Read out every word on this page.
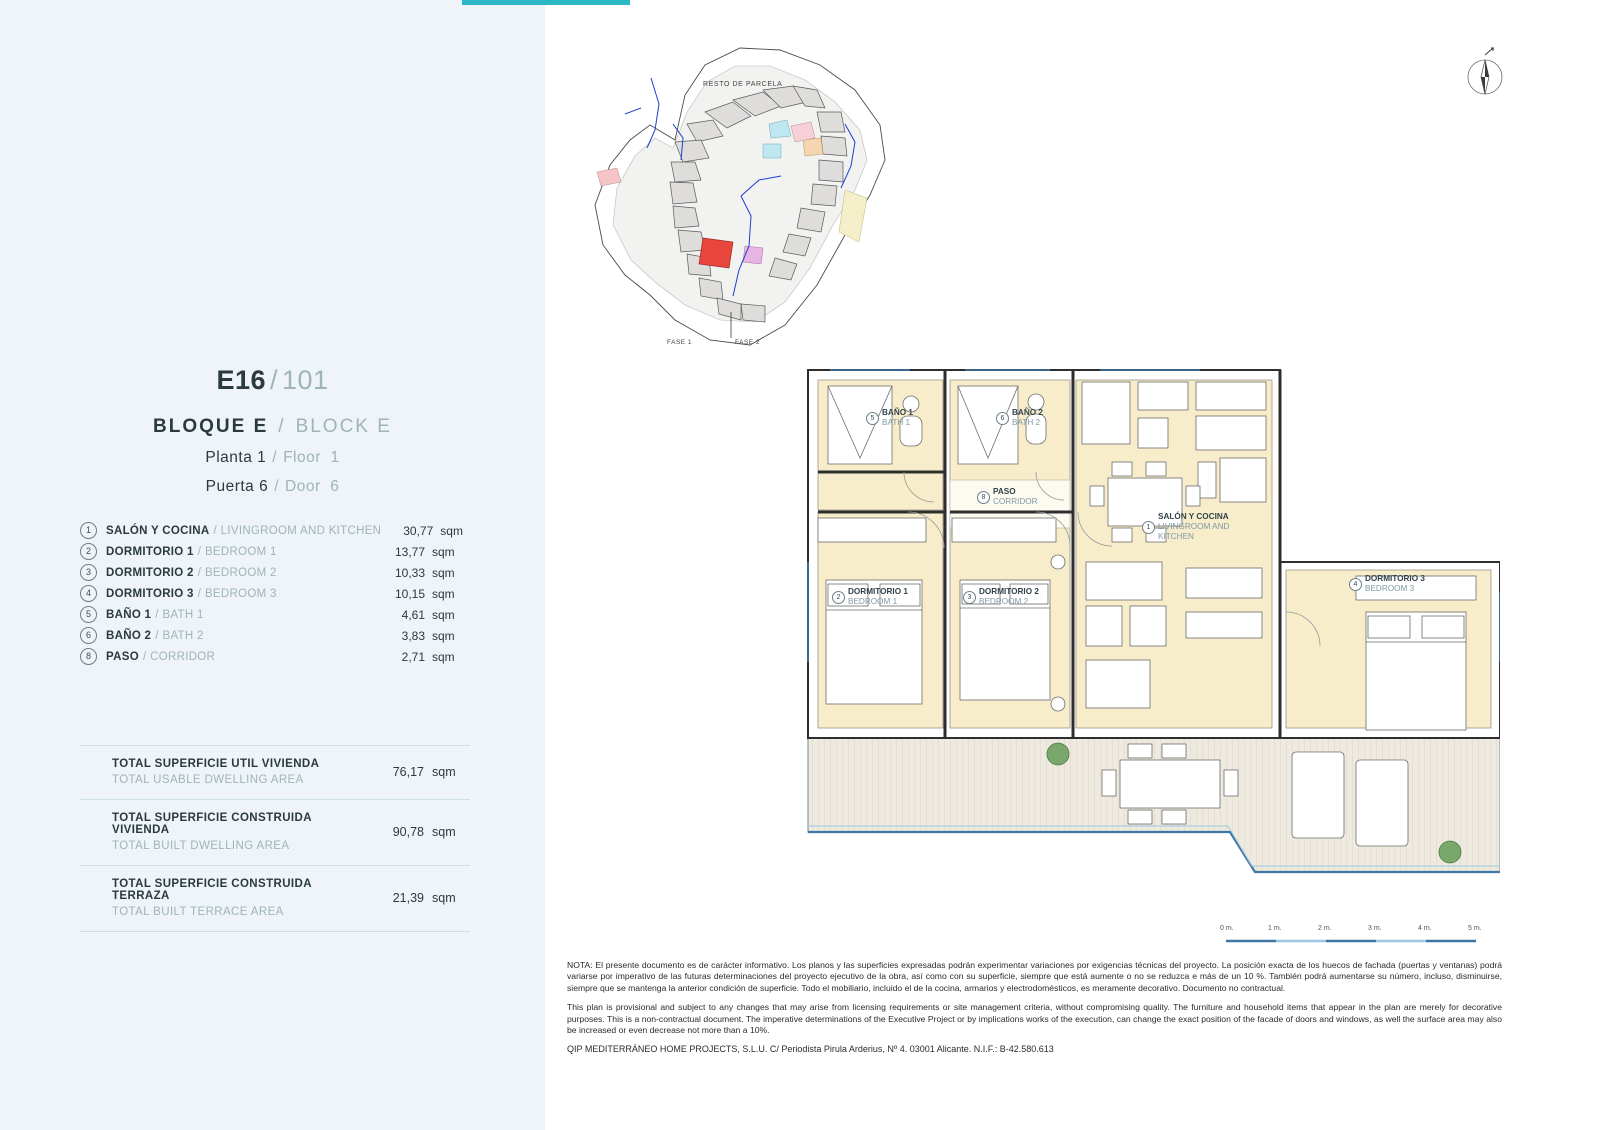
E16 / 101
BLOQUE E / BLOCK E
Planta 1 / Floor 1
Puerta 6 / Door 6
1	SALÓN Y COCINA / LIVINGROOM AND KITCHEN	30,77 sqm
2	DORMITORIO 1 / BEDROOM 1	13,77 sqm
3	DORMITORIO 2 / BEDROOM 2	10,33 sqm
4	DORMITORIO 3 / BEDROOM 3	10,15 sqm
5	BAÑO 1 / BATH 1	4,61 sqm
6	BAÑO 2 / BATH 2	3,83 sqm
8	PASO / CORRIDOR	2,71 sqm
TOTAL SUPERFICIE UTIL VIVIENDA
TOTAL USABLE DWELLING AREA
76,17 sqm
TOTAL SUPERFICIE CONSTRUIDA VIVIENDA
TOTAL BUILT DWELLING AREA
90,78 sqm
TOTAL SUPERFICIE CONSTRUIDA TERRAZA
TOTAL BUILT TERRACE AREA
21,39 sqm
RESTO DE PARCELA
FASE 1	FASE 2
5
BAÑO 1
BATH 1	6
BAÑO 2
BATH 2
8
PASO
CORRIDOR
1
SALÓN Y COCINA
LIVINGROOM AND
KITCHEN
2
DORMITORIO 1
BEDROOM 1	3
DORMITORIO 2
BEDROOM 2
4
DORMITORIO 3
BEDROOM 3
0 m.	1 m.	2 m.	3 m.	4 m.	5 m.
NOTA: El presente documento es de carácter informativo. Los planos y las superficies expresadas podrán experimentar variaciones por exigencias técnicas del proyecto. La posición exacta de los huecos de fachada (puertas y ventanas) podrá variarse por imperativo de las futuras determinaciones del proyecto ejecutivo de la obra, así como con su superficie, siempre que está aumente o no se reduzca e más de un 10 %. También podrá aumentarse su número, incluso, disminuirse, siempre que se mantenga la anterior condición de superficie. Todo el mobiliario, incluido el de la cocina, armarios y electrodomésticos, es meramente decorativo. Documento no contractual.
This plan is provisional and subject to any changes that may arise from licensing requirements or site management criteria, without compromising quality. The furniture and household items that appear in the plan are merely for decorative purposes. This is a non-contractual document. The imperative determinations of the Executive Project or by implications works of the execution, can change the exact position of the facade of doors and windows, as well the surface area may also be increased or even decrease not more than a 10%.
QIP MEDITERRÁNEO HOME PROJECTS, S.L.U. C/ Periodista Pirula Arderius, Nº 4. 03001 Alicante. N.I.F.: B-42.580.613
